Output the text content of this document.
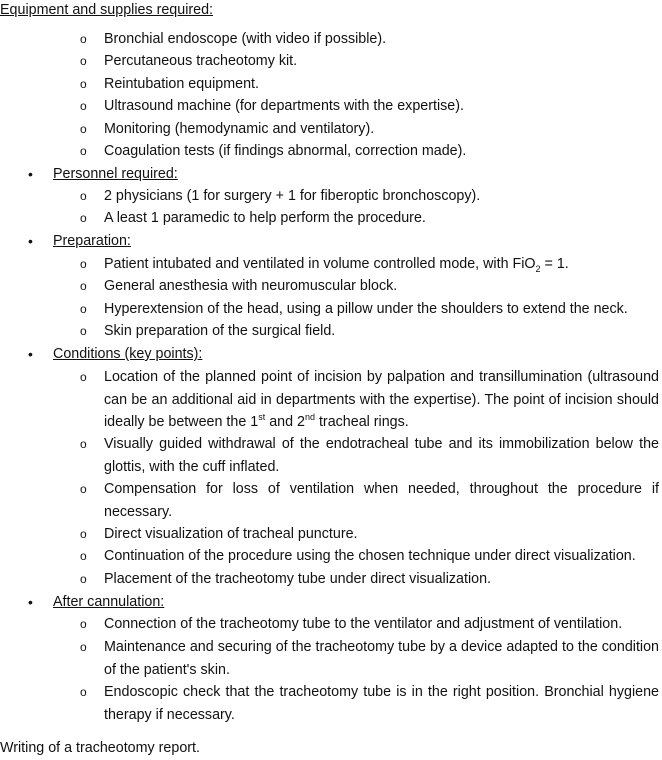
Equipment and supplies required:
o Bronchial endoscope (with video if possible).
o Percutaneous tracheotomy kit.
o Reintubation equipment.
o Ultrasound machine (for departments with the expertise).
o Monitoring (hemodynamic and ventilatory).
o Coagulation tests (if findings abnormal, correction made).
• Personnel required:
o 2 physicians (1 for surgery + 1 for fiberoptic bronchoscopy).
o A least 1 paramedic to help perform the procedure.
• Preparation:
o Patient intubated and ventilated in volume controlled mode, with FiO$_2$ = 1.
o General anesthesia with neuromuscular block.
o Hyperextension of the head, using a pillow under the shoulders to extend the neck.
o Skin preparation of the surgical field.
• Conditions (key points):
o Location of the planned point of incision by palpation and transillumination (ultrasound can be an additional aid in departments with the expertise). The point of incision should ideally be between the 1st and 2nd tracheal rings.
o Visually guided withdrawal of the endotracheal tube and its immobilization below the glottis, with the cuff inflated.
o Compensation for loss of ventilation when needed, throughout the procedure if necessary.
o Direct visualization of tracheal puncture.
o Continuation of the procedure using the chosen technique under direct visualization.
o Placement of the tracheotomy tube under direct visualization.
• After cannulation:
o Connection of the tracheotomy tube to the ventilator and adjustment of ventilation.
o Maintenance and securing of the tracheotomy tube by a device adapted to the condition of the patient's skin.
o Endoscopic check that the tracheotomy tube is in the right position. Bronchial hygiene therapy if necessary.
Writing of a tracheotomy report.
